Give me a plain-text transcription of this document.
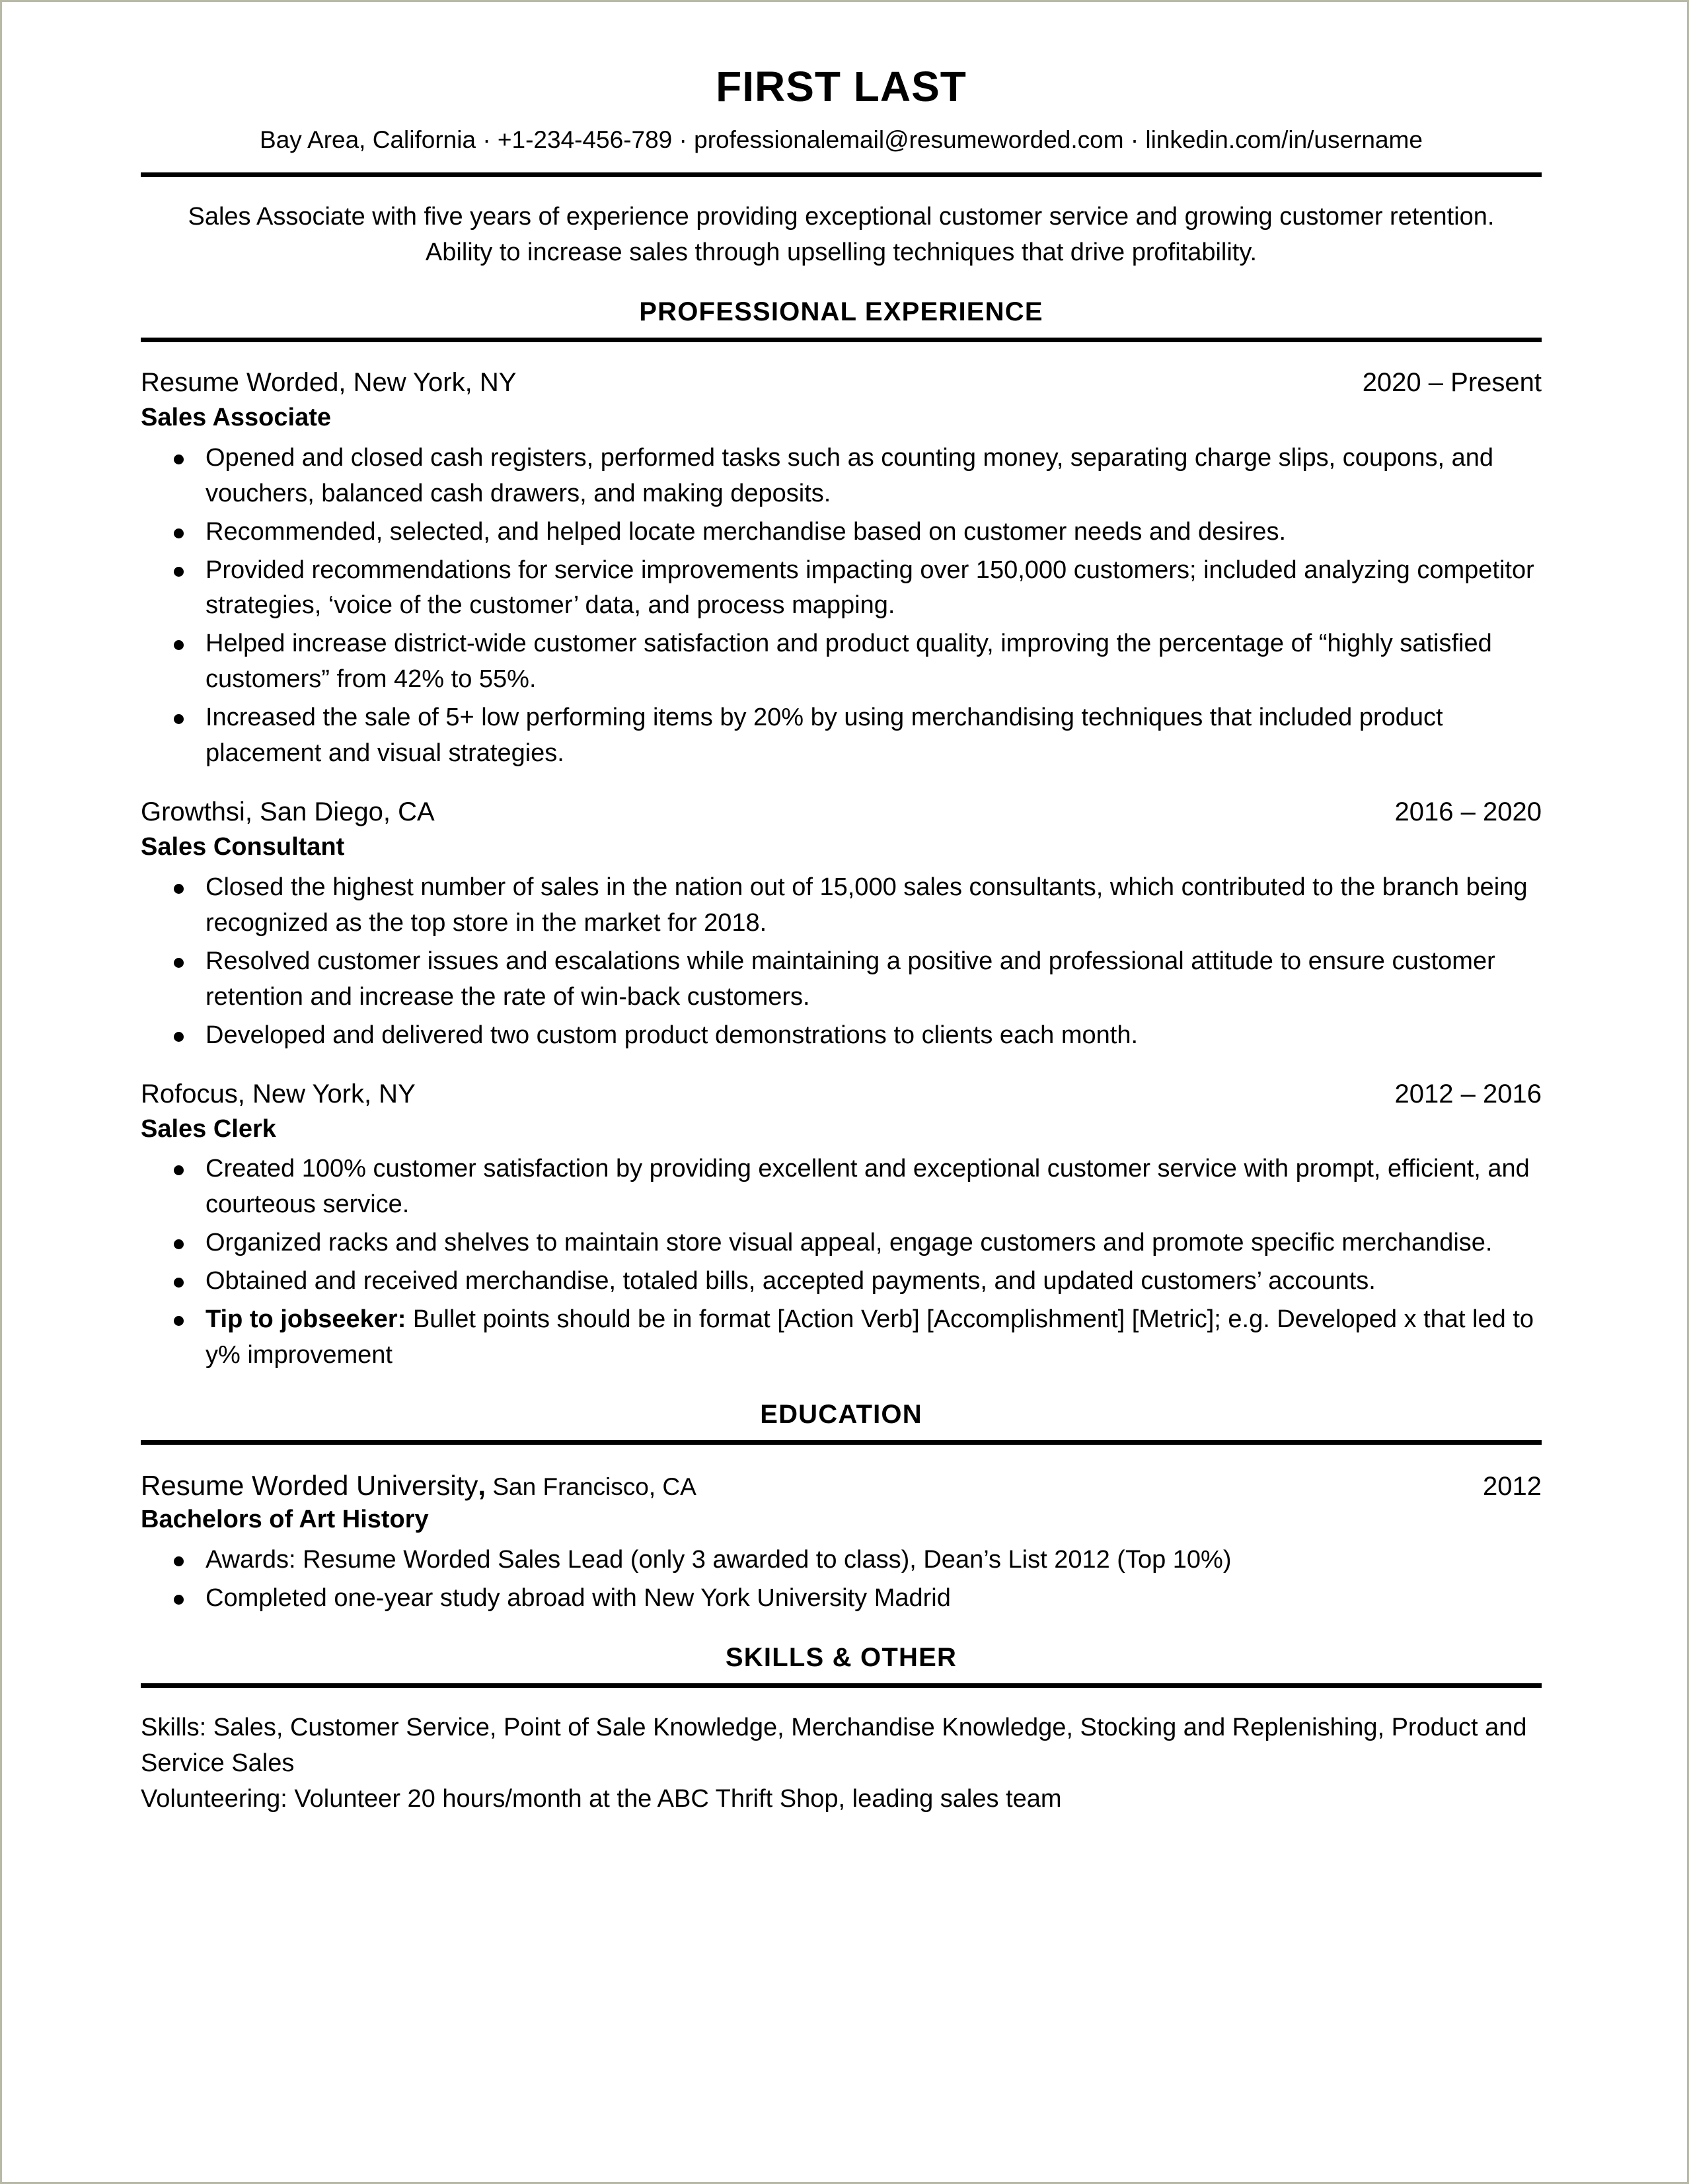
FIRST LAST
Bay Area, California · +1-234-456-789 · professionalemail@resumeworded.com · linkedin.com/in/username
Sales Associate with five years of experience providing exceptional customer service and growing customer retention. Ability to increase sales through upselling techniques that drive profitability.
PROFESSIONAL EXPERIENCE
Resume Worded, New York, NY	2020 – Present
Sales Associate
Opened and closed cash registers, performed tasks such as counting money, separating charge slips, coupons, and vouchers, balanced cash drawers, and making deposits.
Recommended, selected, and helped locate merchandise based on customer needs and desires.
Provided recommendations for service improvements impacting over 150,000 customers; included analyzing competitor strategies, ‘voice of the customer’ data, and process mapping.
Helped increase district-wide customer satisfaction and product quality, improving the percentage of “highly satisfied customers” from 42% to 55%.
Increased the sale of 5+ low performing items by 20% by using merchandising techniques that included product placement and visual strategies.
Growthsi, San Diego, CA	2016 – 2020
Sales Consultant
Closed the highest number of sales in the nation out of 15,000 sales consultants, which contributed to the branch being recognized as the top store in the market for 2018.
Resolved customer issues and escalations while maintaining a positive and professional attitude to ensure customer retention and increase the rate of win-back customers.
Developed and delivered two custom product demonstrations to clients each month.
Rofocus, New York, NY	2012 – 2016
Sales Clerk
Created 100% customer satisfaction by providing excellent and exceptional customer service with prompt, efficient, and courteous service.
Organized racks and shelves to maintain store visual appeal, engage customers and promote specific merchandise.
Obtained and received merchandise, totaled bills, accepted payments, and updated customers’ accounts.
Tip to jobseeker: Bullet points should be in format [Action Verb] [Accomplishment] [Metric]; e.g. Developed x that led to y% improvement
EDUCATION
Resume Worded University, San Francisco, CA	2012
Bachelors of Art History
Awards: Resume Worded Sales Lead (only 3 awarded to class), Dean’s List 2012 (Top 10%)
Completed one-year study abroad with New York University Madrid
SKILLS & OTHER

Skills: Sales, Customer Service, Point of Sale Knowledge, Merchandise Knowledge, Stocking and Replenishing, Product and Service Sales

Volunteering: Volunteer 20 hours/month at the ABC Thrift Shop, leading sales team
